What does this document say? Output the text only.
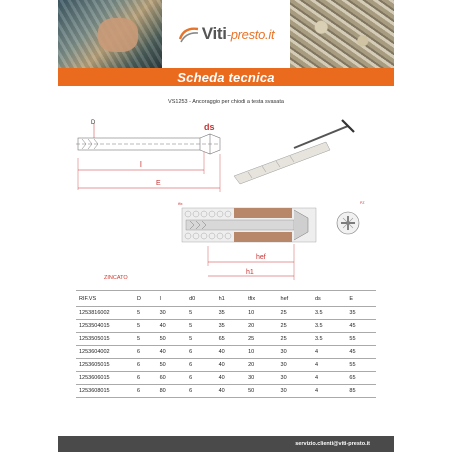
Viti-presto.it
Scheda tecnica
VS1253 - Ancoraggio per chiodi a testa svasata
D	ds
l
E
tfix	PZ
hef
h1
ZINCATO
RIF.VS	D	l	d0	h1	tfix	hef	ds	E
1253816002	5	30	5	35	10	25	3.5	35
1253504015	5	40	5	35	20	25	3.5	45
1253505015	5	50	5	65	25	25	3.5	55
1253604002	6	40	6	40	10	30	4	45
1253605015	6	50	6	40	20	30	4	55
1253606015	6	60	6	40	30	30	4	65
1253608015	6	80	6	40	50	30	4	85
servizio.clienti@viti-presto.it
